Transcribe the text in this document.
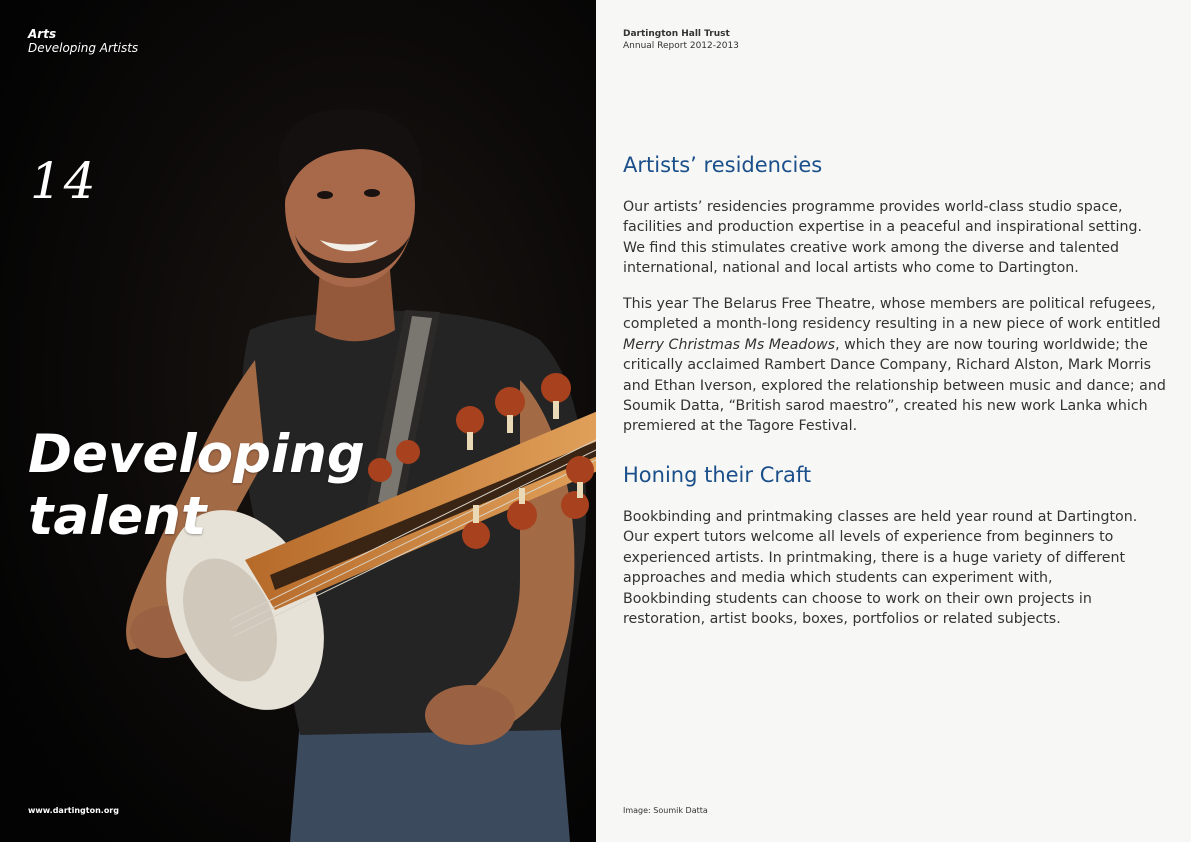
Arts
Developing Artists
14
Developing
talent
www.dartington.org
Dartington Hall Trust
Annual Report 2012-2013
Artists’ residencies

Our artists’ residencies programme provides world-class studio space,
facilities and production expertise in a peaceful and inspirational setting.
We find this stimulates creative work among the diverse and talented
international, national and local artists who come to Dartington.

This year The Belarus Free Theatre, whose members are political refugees,
completed a month-long residency resulting in a new piece of work entitled
Merry Christmas Ms Meadows, which they are now touring worldwide; the
critically acclaimed Rambert Dance Company, Richard Alston, Mark Morris
and Ethan Iverson, explored the relationship between music and dance; and
Soumik Datta, “British sarod maestro”, created his new work Lanka which
premiered at the Tagore Festival.

Honing their Craft

Bookbinding and printmaking classes are held year round at Dartington.
Our expert tutors welcome all levels of experience from beginners to
experienced artists. In printmaking, there is a huge variety of different
approaches and media which students can experiment with,
Bookbinding students can choose to work on their own projects in
restoration, artist books, boxes, portfolios or related subjects.

Image: Soumik Datta
